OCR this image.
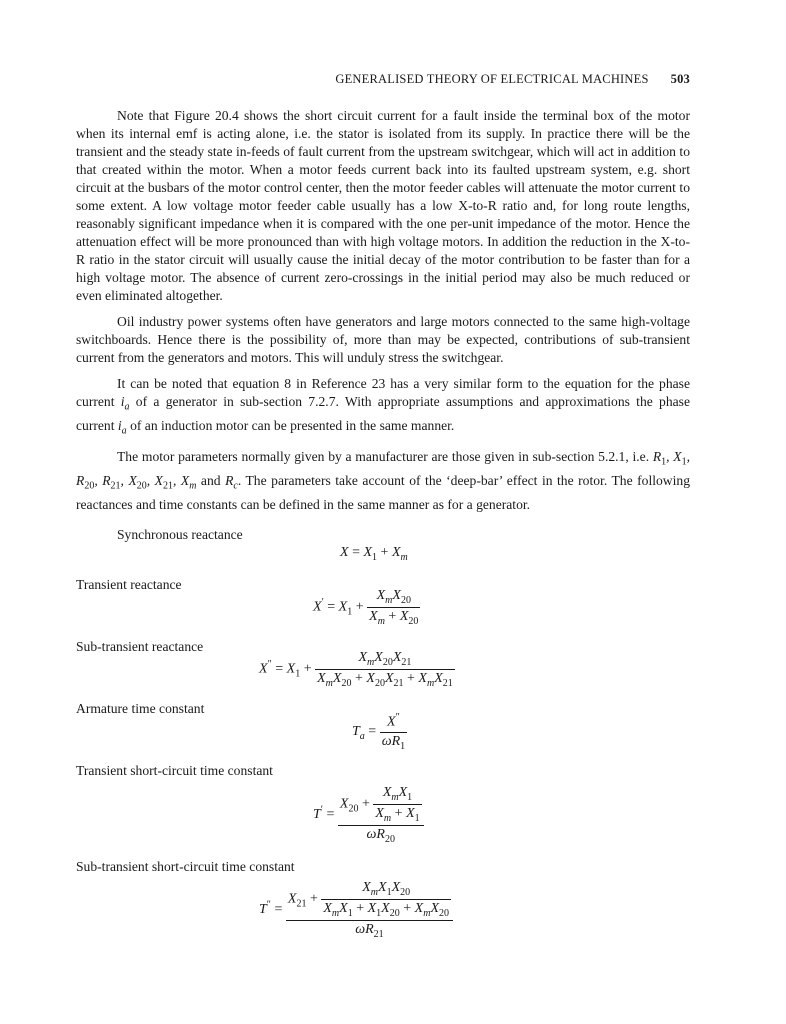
GENERALISED THEORY OF ELECTRICAL MACHINES 503

Note that Figure 20.4 shows the short circuit current for a fault inside the terminal box of the motor when its internal emf is acting alone, i.e. the stator is isolated from its supply. In practice there will be the transient and the steady state in-feeds of fault current from the upstream switchgear, which will act in addition to that created within the motor. When a motor feeds current back into its faulted upstream system, e.g. short circuit at the busbars of the motor control center, then the motor feeder cables will attenuate the motor current to some extent. A low voltage motor feeder cable usually has a low X-to-R ratio and, for long route lengths, reasonably significant impedance when it is compared with the one per-unit impedance of the motor. Hence the attenuation effect will be more pronounced than with high voltage motors. In addition the reduction in the X-to-R ratio in the stator circuit will usually cause the initial decay of the motor contribution to be faster than for a high voltage motor. The absence of current zero-crossings in the initial period may also be much reduced or even eliminated altogether.

Oil industry power systems often have generators and large motors connected to the same high-voltage switchboards. Hence there is the possibility of, more than may be expected, contributions of sub-transient current from the generators and motors. This will unduly stress the switchgear.

It can be noted that equation 8 in Reference 23 has a very similar form to the equation for the phase current $i_a$ of a generator in sub-section 7.2.7. With appropriate assumptions and approximations the phase current $i_a$ of an induction motor can be presented in the same manner.

The motor parameters normally given by a manufacturer are those given in sub-section 5.2.1, i.e. $R_1$, $X_1$, $R_{20}$, $R_{21}$, $X_{20}$, $X_{21}$, $X_m$ and $R_c$. The parameters take account of the ‘deep-bar’ effect in the rotor. The following reactances and time constants can be defined in the same manner as for a generator.

Synchronous reactance
$X = X_1 + X_m$
Transient reactance
$X' = X_1 + \frac{X_mX_{20}}{X_m + X_{20}}$
Sub-transient reactance
$X'' = X_1 + \frac{X_mX_{20}X_{21}}{X_mX_{20} + X_{20}X_{21} + X_mX_{21}}$
Armature time constant
$T_a = \frac{X''}{\omega R_1}$
Transient short-circuit time constant
$T' = \frac{X_{20} + \frac{X_mX_1}{X_m + X_1}}{\omega R_{20}}$
Sub-transient short-circuit time constant
$T'' = \frac{X_{21} + \frac{X_mX_1X_{20}}{X_mX_1 + X_1X_{20} + X_mX_{20}}}{\omega R_{21}}$
